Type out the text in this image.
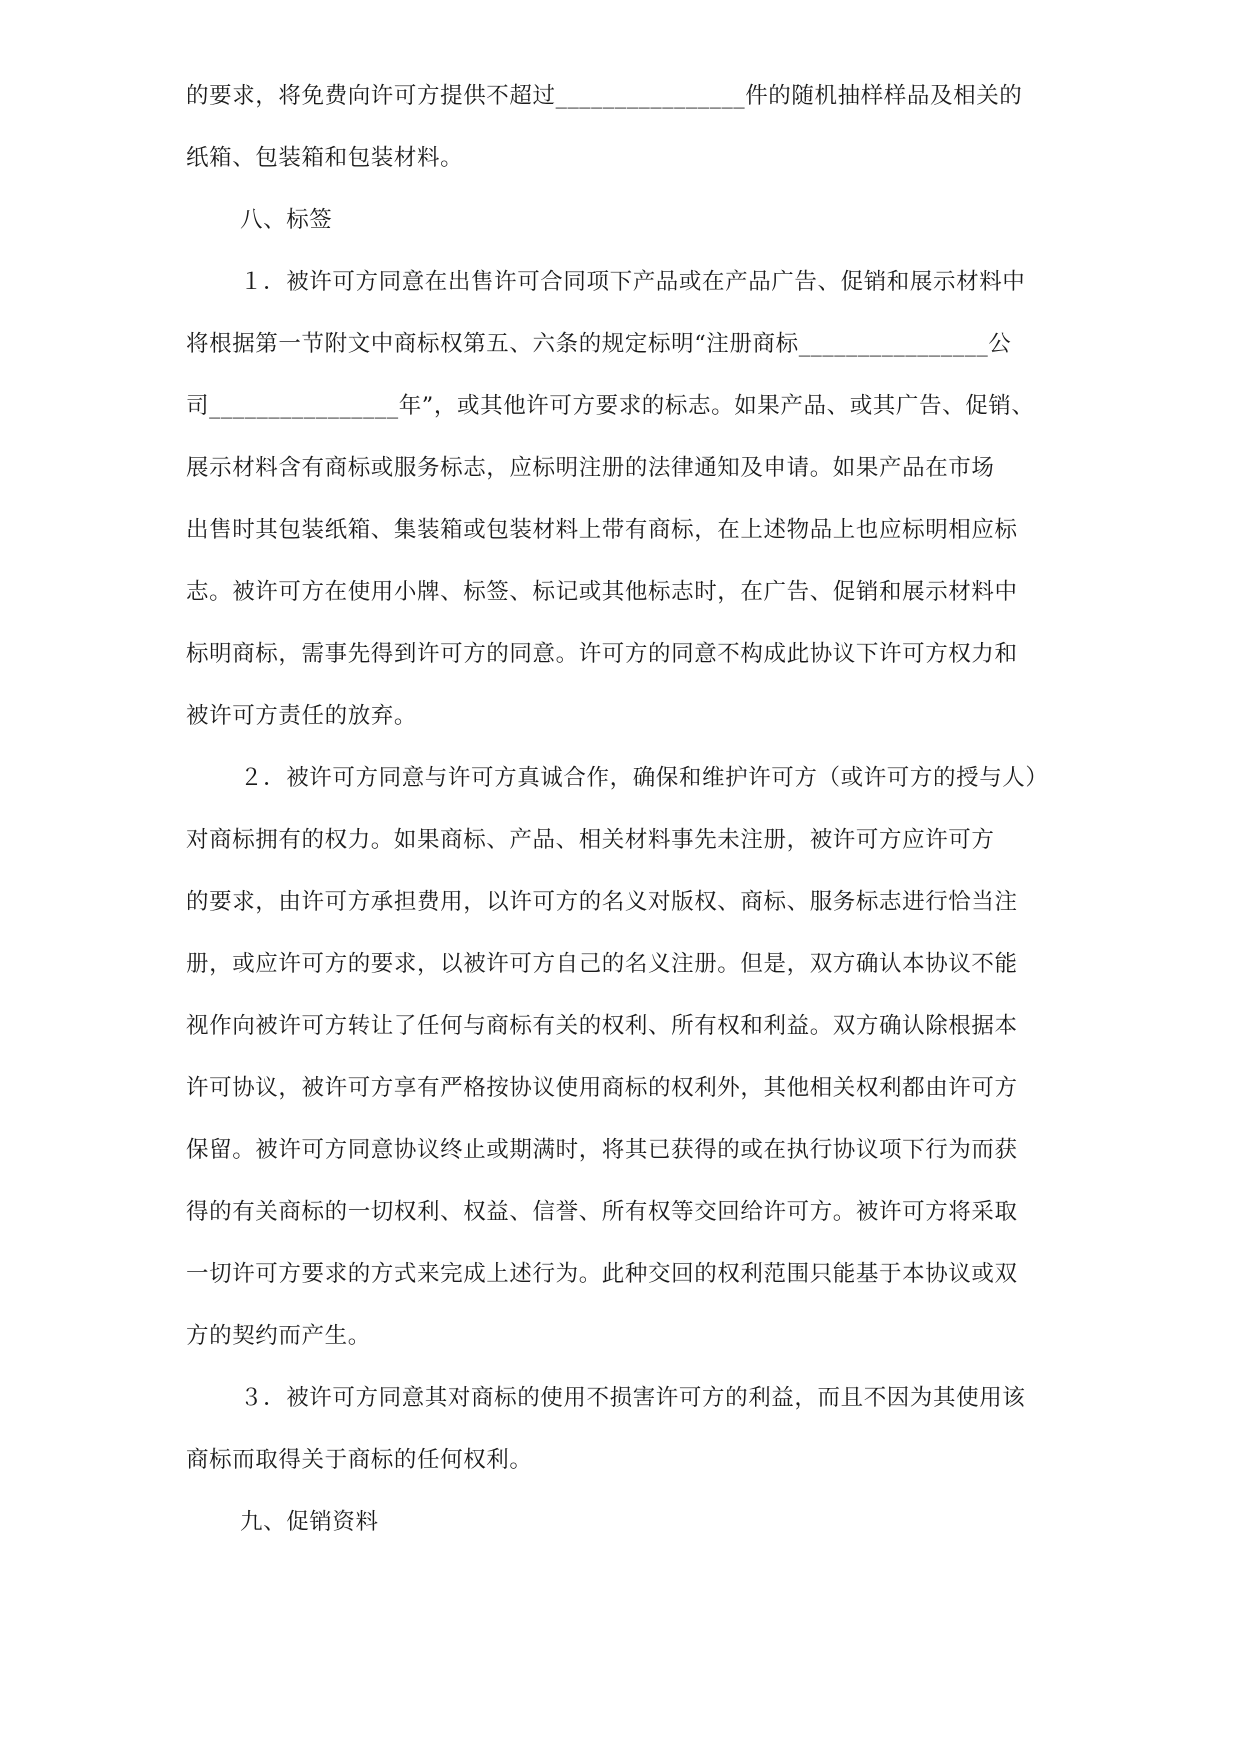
的要求，将免费向许可方提供不超过________________件的随机抽样样品及相关的
纸箱、包装箱和包装材料。
八、标签
１．被许可方同意在出售许可合同项下产品或在产品广告、促销和展示材料中
将根据第一节附文中商标权第五、六条的规定标明“注册商标________________公
司________________年”，或其他许可方要求的标志。如果产品、或其广告、促销、
展示材料含有商标或服务标志，应标明注册的法律通知及申请。如果产品在市场
出售时其包装纸箱、集装箱或包装材料上带有商标，在上述物品上也应标明相应标
志。被许可方在使用小牌、标签、标记或其他标志时，在广告、促销和展示材料中
标明商标，需事先得到许可方的同意。许可方的同意不构成此协议下许可方权力和
被许可方责任的放弃。
２．被许可方同意与许可方真诚合作，确保和维护许可方（或许可方的授与人）
对商标拥有的权力。如果商标、产品、相关材料事先未注册，被许可方应许可方
的要求，由许可方承担费用，以许可方的名义对版权、商标、服务标志进行恰当注
册，或应许可方的要求，以被许可方自己的名义注册。但是，双方确认本协议不能
视作向被许可方转让了任何与商标有关的权利、所有权和利益。双方确认除根据本
许可协议，被许可方享有严格按协议使用商标的权利外，其他相关权利都由许可方
保留。被许可方同意协议终止或期满时，将其已获得的或在执行协议项下行为而获
得的有关商标的一切权利、权益、信誉、所有权等交回给许可方。被许可方将采取
一切许可方要求的方式来完成上述行为。此种交回的权利范围只能基于本协议或双
方的契约而产生。
３．被许可方同意其对商标的使用不损害许可方的利益，而且不因为其使用该
商标而取得关于商标的任何权利。
九、促销资料
